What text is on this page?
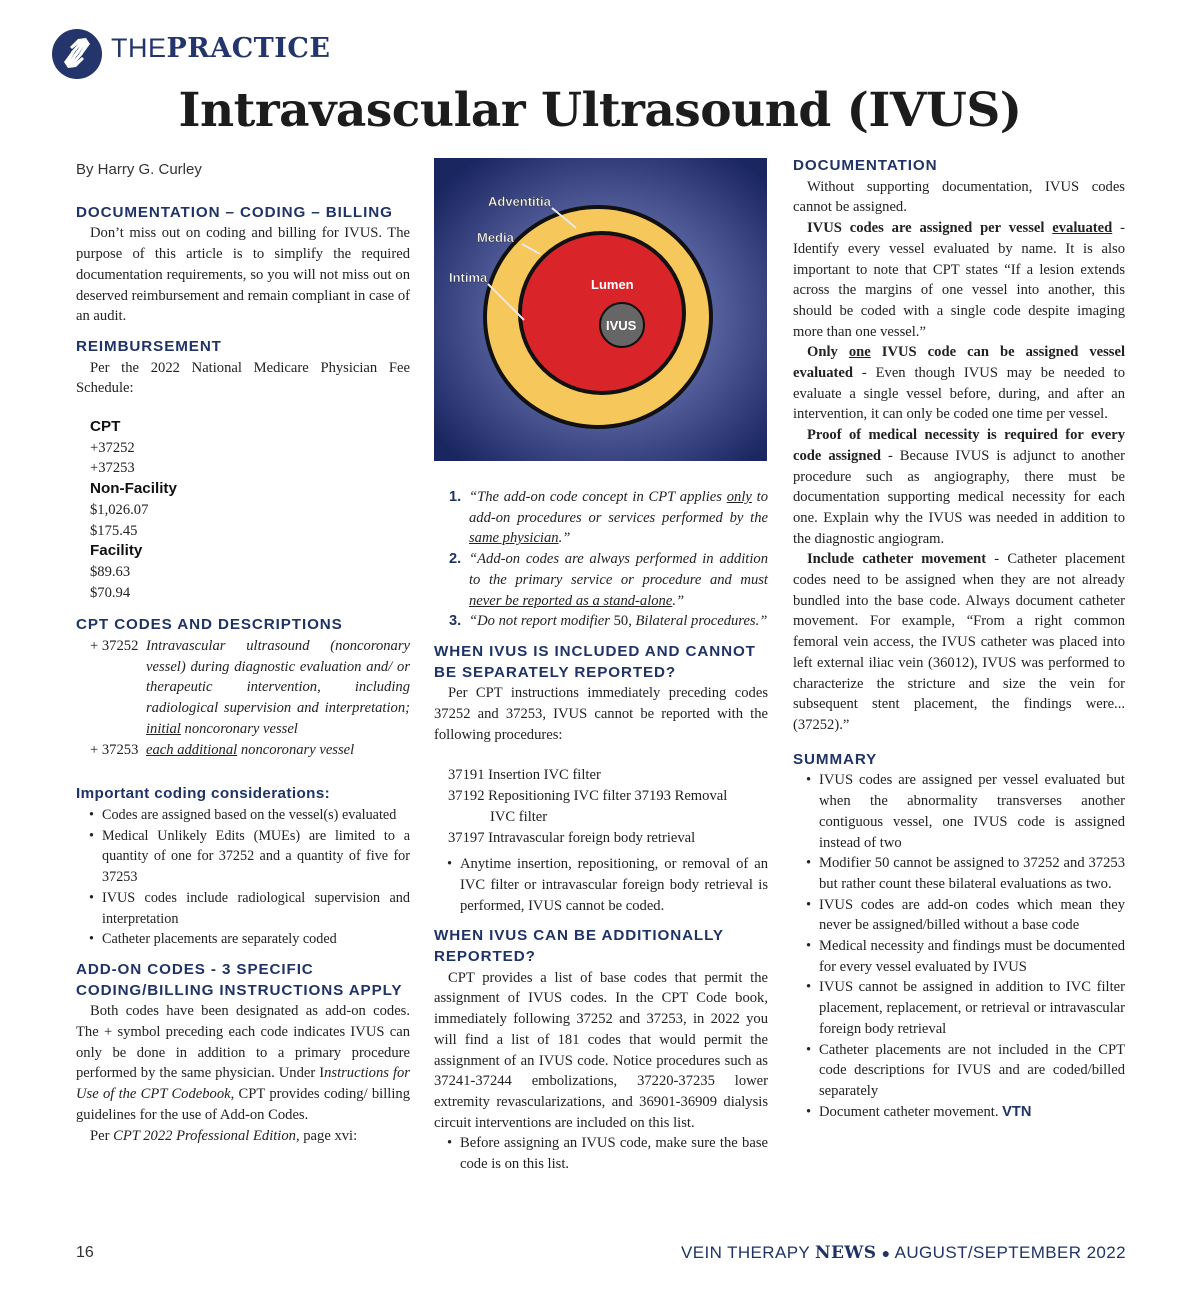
THEPRACTICE
Intravascular Ultrasound (IVUS)
By Harry G. Curley
DOCUMENTATION – CODING – BILLING

Don’t miss out on coding and billing for IVUS. The purpose of this article is to simplify the required documentation requirements, so you will not miss out on deserved reimbursement and remain compliant in case of an audit.

REIMBURSEMENT

Per the 2022 National Medicare Physician Fee Schedule:

CPT
+37252
+37253
Non-Facility
$1,026.07
$175.45
Facility
$89.63
$70.94
CPT CODES AND DESCRIPTIONS
+ 37252 Intravascular ultrasound (noncoronary vessel) during diagnostic evaluation and/ or therapeutic intervention, including radiological supervision and interpretation; initial noncoronary vessel
+ 37253 each additional noncoronary vessel
Important coding considerations:
• Codes are assigned based on the vessel(s) evaluated
• Medical Unlikely Edits (MUEs) are limited to a quantity of one for 37252 and a quantity of five for 37253
• IVUS codes include radiological supervision and interpretation
• Catheter placements are separately coded
ADD-ON CODES - 3 SPECIFIC CODING/BILLING INSTRUCTIONS APPLY

Both codes have been designated as add-on codes. The + symbol preceding each code indicates IVUS can only be done in addition to a primary procedure performed by the same physician. Under Instructions for Use of the CPT Codebook, CPT provides coding/ billing guidelines for the use of Add-on Codes.

Per CPT 2022 Professional Edition, page xvi:

Adventitia
Media
Intima	Lumen
IVUS
1. “The add-on code concept in CPT applies only to add-on procedures or services performed by the same physician.”
2. “Add-on codes are always performed in addition to the primary service or procedure and must never be reported as a stand-alone.”
3. “Do not report modifier 50, Bilateral procedures.”
WHEN IVUS IS INCLUDED AND CANNOT BE SEPARATELY REPORTED?

Per CPT instructions immediately preceding codes 37252 and 37253, IVUS cannot be reported with the following procedures:

37191 Insertion IVC filter
37192 Repositioning IVC filter 37193 Removal
IVC filter
37197 Intravascular foreign body retrieval
• Anytime insertion, repositioning, or removal of an IVC filter or intravascular foreign body retrieval is performed, IVUS cannot be coded.
WHEN IVUS CAN BE ADDITIONALLY REPORTED?

CPT provides a list of base codes that permit the assignment of IVUS codes. In the CPT Code book, immediately following 37252 and 37253, in 2022 you will find a list of 181 codes that would permit the assignment of an IVUS code. Notice procedures such as 37241-37244 embolizations, 37220-37235 lower extremity revascularizations, and 36901-36909 dialysis circuit interventions are included on this list.

• Before assigning an IVUS code, make sure the base code is on this list.
DOCUMENTATION

Without supporting documentation, IVUS codes cannot be assigned.

IVUS codes are assigned per vessel evaluated - Identify every vessel evaluated by name. It is also important to note that CPT states “If a lesion extends across the margins of one vessel into another, this should be coded with a single code despite imaging more than one vessel.”

Only one IVUS code can be assigned vessel evaluated - Even though IVUS may be needed to evaluate a single vessel before, during, and after an intervention, it can only be coded one time per vessel.

Proof of medical necessity is required for every code assigned - Because IVUS is adjunct to another procedure such as angiography, there must be documentation supporting medical necessity for each one. Explain why the IVUS was needed in addition to the diagnostic angiogram.

Include catheter movement - Catheter placement codes need to be assigned when they are not already bundled into the base code. Always document catheter movement. For example, “From a right common femoral vein access, the IVUS catheter was placed into left external iliac vein (36012), IVUS was performed to characterize the stricture and size the vein for subsequent stent placement, the findings were... (37252).”

SUMMARY
• IVUS codes are assigned per vessel evaluated but when the abnormality transverses another contiguous vessel, one IVUS code is assigned instead of two
• Modifier 50 cannot be assigned to 37252 and 37253 but rather count these bilateral evaluations as two.
• IVUS codes are add-on codes which mean they never be assigned/billed without a base code
• Medical necessity and findings must be documented for every vessel evaluated by IVUS
• IVUS cannot be assigned in addition to IVC filter placement, replacement, or retrieval or intravascular foreign body retrieval
• Catheter placements are not included in the CPT code descriptions for IVUS and are coded/billed separately
• Document catheter movement. VTN
16	VEIN THERAPY NEWS ● AUGUST/SEPTEMBER 2022
